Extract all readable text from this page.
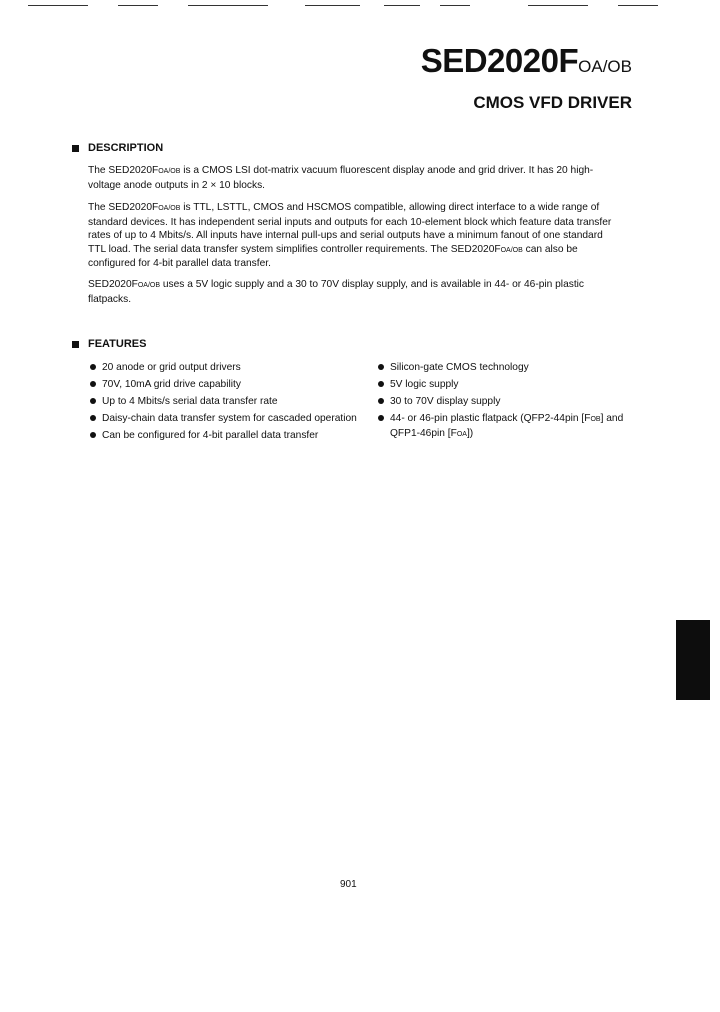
SED2020FOA/OB
CMOS VFD DRIVER
DESCRIPTION

The SED2020FOA/OB is a CMOS LSI dot-matrix vacuum fluorescent display anode and grid driver. It has 20 high-voltage anode outputs in 2 × 10 blocks.

The SED2020FOA/OB is TTL, LSTTL, CMOS and HSCMOS compatible, allowing direct interface to a wide range of standard devices. It has independent serial inputs and outputs for each 10-element block which feature data transfer rates of up to 4 Mbits/s. All inputs have internal pull-ups and serial outputs have a minimum fanout of one standard TTL load. The serial data transfer system simplifies controller requirements. The SED2020FOA/OB can also be configured for 4-bit parallel data transfer.

SED2020FOA/OB uses a 5V logic supply and a 30 to 70V display supply, and is available in 44- or 46-pin plastic flatpacks.

FEATURES
20 anode or grid output drivers
70V, 10mA grid drive capability
Up to 4 Mbits/s serial data transfer rate
Daisy-chain data transfer system for cascaded operation
Can be configured for 4-bit parallel data transfer
Silicon-gate CMOS technology
5V logic supply
30 to 70V display supply
44- or 46-pin plastic flatpack (QFP2-44pin [FOB] and QFP1-46pin [FOA])
901
